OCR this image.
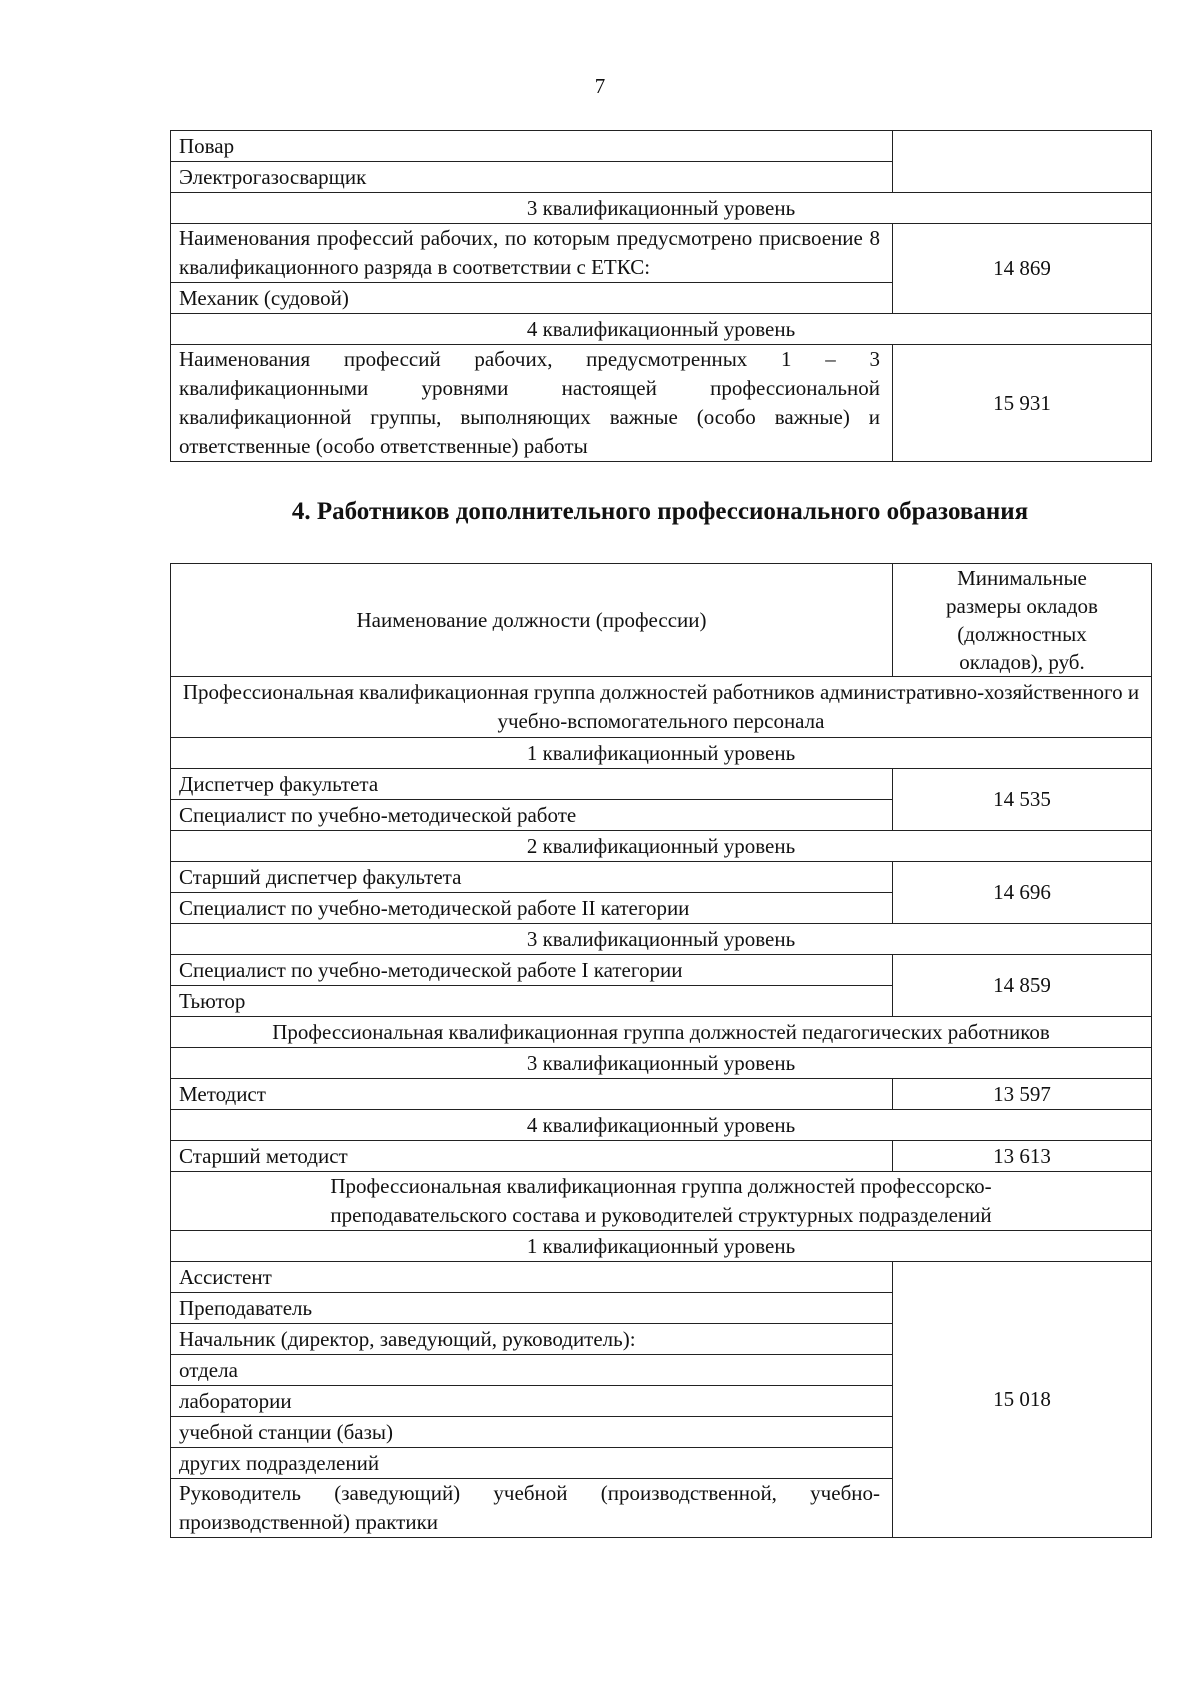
7
Повар	
Электрогазосварщик	
3 квалификационный уровень	
Наименования профессий рабочих, по которым предусмотрено присвоение 8 квалификационного разряда в соответствии с ЕТКС:	14 869
Механик (судовой)	
4 квалификационный уровень	
Наименования профессий рабочих, предусмотренных 1 – 3 квалификационными уровнями настоящей профессиональной квалификационной группы, выполняющих важные (особо важные) и ответственные (особо ответственные) работы	15 931
4. Работников дополнительного профессионального образования
Наименование должности (профессии)	Минимальные размеры окладов (должностных окладов), руб.
Профессиональная квалификационная группа должностей работников административно-хозяйственного и учебно-вспомогательного персонала	
1 квалификационный уровень	
Диспетчер факультета	14 535
Специалист по учебно-методической работе	
2 квалификационный уровень	
Старший диспетчер факультета	14 696
Специалист по учебно-методической работе II категории	
3 квалификационный уровень	
Специалист по учебно-методической работе I категории	14 859
Тьютор	
Профессиональная квалификационная группа должностей педагогических работников	
3 квалификационный уровень	
Методист	13 597
4 квалификационный уровень	
Старший методист	13 613
Профессиональная квалификационная группа должностей профессорско-преподавательского состава и руководителей структурных подразделений	
1 квалификационный уровень	
Ассистент	15 018
Преподаватель	
Начальник (директор, заведующий, руководитель):	
отдела	
лаборатории	
учебной станции (базы)	
других подразделений	
Руководитель (заведующий) учебной (производственной, учебно-производственной) практики	
